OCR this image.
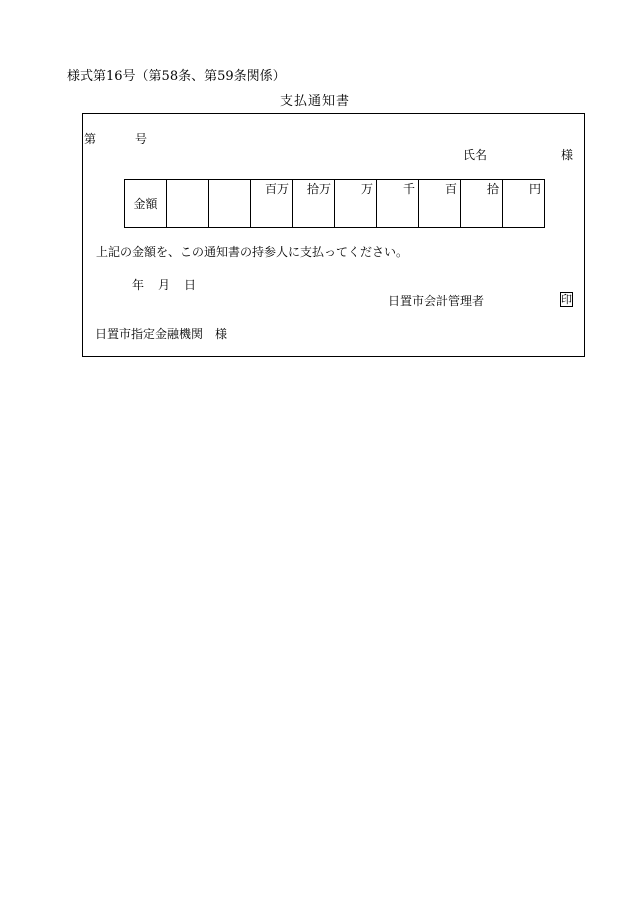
様式第16号（第58条、第59条関係）
支払通知書
第	号
氏名	様
金額			百万	拾万	万	千	百	拾	円
上記の金額を、この通知書の持参人に支払ってください。
年 月 日
日置市会計管理者	印
日置市指定金融機関　様
